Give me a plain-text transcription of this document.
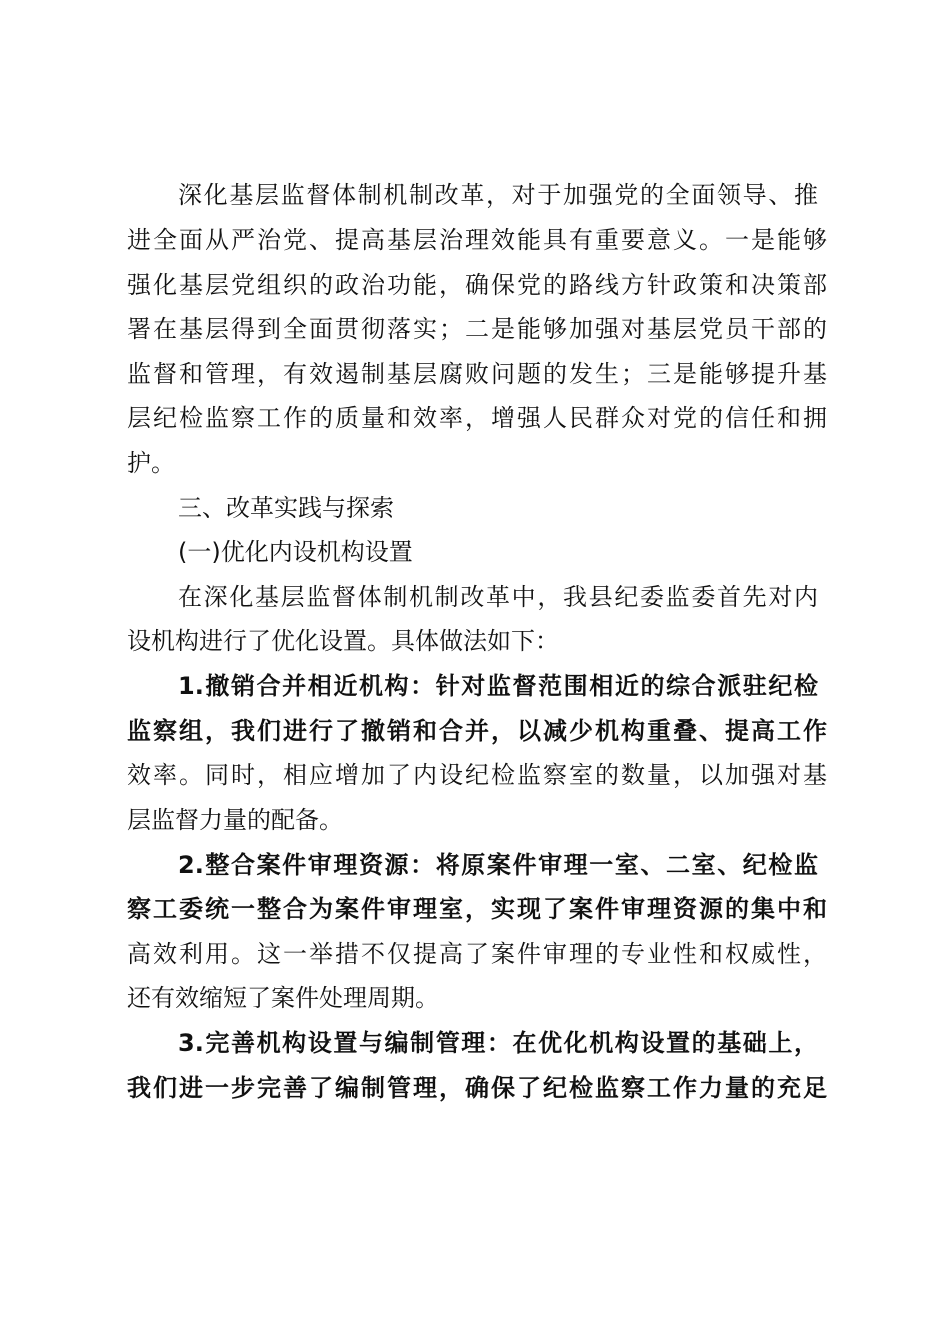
深化基层监督体制机制改革，对于加强党的全面领导、推
进全面从严治党、提高基层治理效能具有重要意义。一是能够
强化基层党组织的政治功能，确保党的路线方针政策和决策部
署在基层得到全面贯彻落实；二是能够加强对基层党员干部的
监督和管理，有效遏制基层腐败问题的发生；三是能够提升基
层纪检监察工作的质量和效率，增强人民群众对党的信任和拥
护。
三、改革实践与探索
(一)优化内设机构设置
在深化基层监督体制机制改革中，我县纪委监委首先对内
设机构进行了优化设置。具体做法如下：
1.撤销合并相近机构：针对监督范围相近的综合派驻纪检
监察组，我们进行了撤销和合并，以减少机构重叠、提高工作
效率。同时，相应增加了内设纪检监察室的数量，以加强对基
层监督力量的配备。
2.整合案件审理资源：将原案件审理一室、二室、纪检监
察工委统一整合为案件审理室，实现了案件审理资源的集中和
高效利用。这一举措不仅提高了案件审理的专业性和权威性，
还有效缩短了案件处理周期。
3.完善机构设置与编制管理：在优化机构设置的基础上，
我们进一步完善了编制管理，确保了纪检监察工作力量的充足
